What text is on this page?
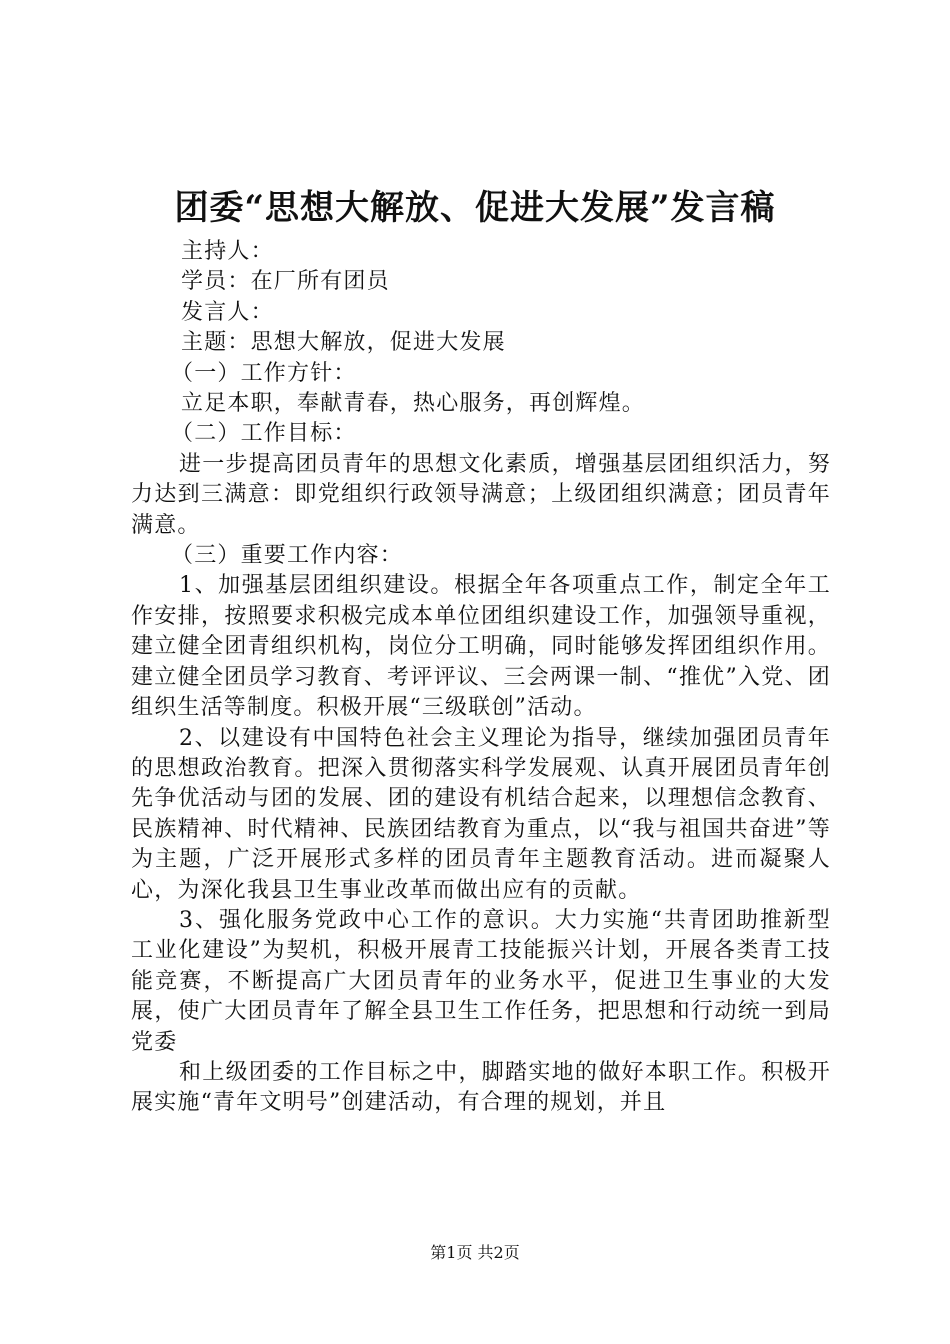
团委“思想大解放、促进大发展”发言稿
主持人：
学员：在厂所有团员
发言人：
主题：思想大解放，促进大发展
（一）工作方针：
立足本职，奉献青春，热心服务，再创辉煌。
（二）工作目标：
进一步提高团员青年的思想文化素质，增强基层团组织活力，努力达到三满意：即党组织行政领导满意；上级团组织满意；团员青年满意。
（三）重要工作内容：
1、加强基层团组织建设。根据全年各项重点工作，制定全年工作安排，按照要求积极完成本单位团组织建设工作，加强领导重视，建立健全团青组织机构，岗位分工明确，同时能够发挥团组织作用。建立健全团员学习教育、考评评议、三会两课一制、“推优”入党、团组织生活等制度。积极开展“三级联创”活动。
2、以建设有中国特色社会主义理论为指导，继续加强团员青年的思想政治教育。把深入贯彻落实科学发展观、认真开展团员青年创先争优活动与团的发展、团的建设有机结合起来，以理想信念教育、民族精神、时代精神、民族团结教育为重点，以“我与祖国共奋进”等为主题，广泛开展形式多样的团员青年主题教育活动。进而凝聚人心，为深化我县卫生事业改革而做出应有的贡献。
3、强化服务党政中心工作的意识。大力实施“共青团助推新型工业化建设”为契机，积极开展青工技能振兴计划，开展各类青工技能竞赛，不断提高广大团员青年的业务水平，促进卫生事业的大发展，使广大团员青年了解全县卫生工作任务，把思想和行动统一到局党委
和上级团委的工作目标之中，脚踏实地的做好本职工作。积极开展实施“青年文明号”创建活动，有合理的规划，并且
第1页 共2页
